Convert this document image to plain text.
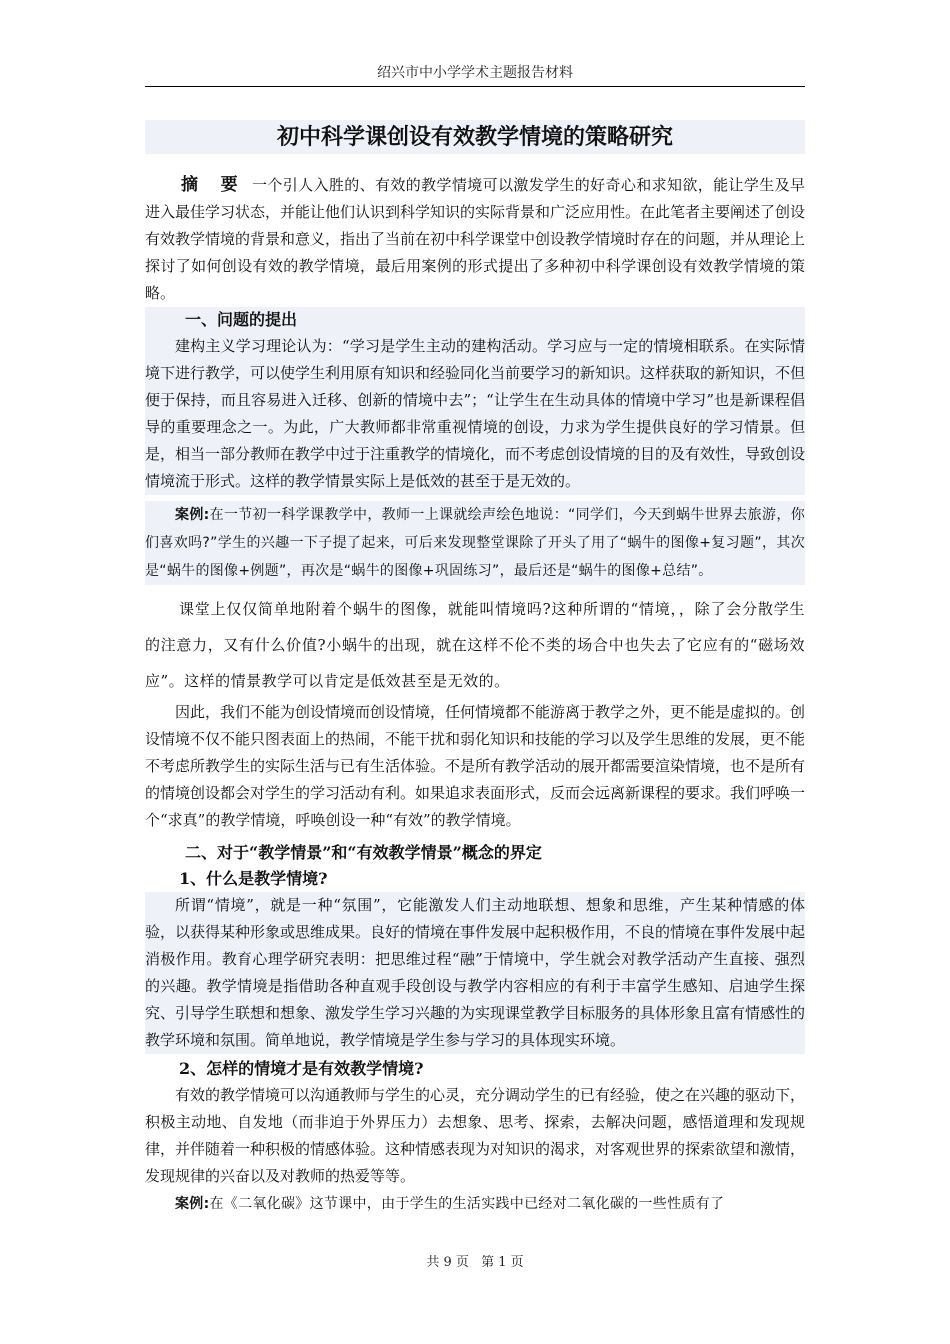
绍兴市中小学学术主题报告材料
初中科学课创设有效教学情境的策略研究

摘 要 一个引人入胜的、有效的教学情境可以激发学生的好奇心和求知欲，能让学生及早进入最佳学习状态，并能让他们认识到科学知识的实际背景和广泛应用性。在此笔者主要阐述了创设有效教学情境的背景和意义，指出了当前在初中科学课堂中创设教学情境时存在的问题，并从理论上探讨了如何创设有效的教学情境，最后用案例的形式提出了多种初中科学课创设有效教学情境的策略。

一、问题的提出

建构主义学习理论认为：“学习是学生主动的建构活动。学习应与一定的情境相联系。在实际情境下进行教学，可以使学生利用原有知识和经验同化当前要学习的新知识。这样获取的新知识，不但便于保持，而且容易进入迁移、创新的情境中去”；“让学生在生动具体的情境中学习”也是新课程倡导的重要理念之一。为此，广大教师都非常重视情境的创设，力求为学生提供良好的学习情景。但是，相当一部分教师在教学中过于注重教学的情境化，而不考虑创设情境的目的及有效性，导致创设情境流于形式。这样的教学情景实际上是低效的甚至于是无效的。

案例:在一节初一科学课教学中，教师一上课就绘声绘色地说：“同学们，今天到蜗牛世界去旅游，你们喜欢吗?”学生的兴趣一下子提了起来，可后来发现整堂课除了开头了用了“蜗牛的图像+复习题”，其次是“蜗牛的图像+例题”，再次是“蜗牛的图像+巩固练习”，最后还是“蜗牛的图像+总结”。

课堂上仅仅简单地附着个蜗牛的图像，就能叫情境吗?这种所谓的“情境，，除了会分散学生的注意力，又有什么价值?小蜗牛的出现，就在这样不伦不类的场合中也失去了它应有的“磁场效应”。这样的情景教学可以肯定是低效甚至是无效的。

因此，我们不能为创设情境而创设情境，任何情境都不能游离于教学之外，更不能是虚拟的。创设情境不仅不能只图表面上的热闹，不能干扰和弱化知识和技能的学习以及学生思维的发展，更不能不考虑所教学生的实际生活与已有生活体验。不是所有教学活动的展开都需要渲染情境，也不是所有的情境创设都会对学生的学习活动有利。如果追求表面形式，反而会远离新课程的要求。我们呼唤一个“求真”的教学情境，呼唤创设一种“有效”的教学情境。

二、对于“教学情景”和“有效教学情景”概念的界定
1、什么是教学情境?

所谓“情境”，就是一种“氛围”，它能激发人们主动地联想、想象和思维，产生某种情感的体验，以获得某种形象或思维成果。良好的情境在事件发展中起积极作用，不良的情境在事件发展中起消极作用。教育心理学研究表明：把思维过程“融”于情境中，学生就会对教学活动产生直接、强烈的兴趣。教学情境是指借助各种直观手段创设与教学内容相应的有利于丰富学生感知、启迪学生探究、引导学生联想和想象、激发学生学习兴趣的为实现课堂教学目标服务的具体形象且富有情感性的教学环境和氛围。简单地说，教学情境是学生参与学习的具体现实环境。

2、怎样的情境才是有效教学情境?

有效的教学情境可以沟通教师与学生的心灵，充分调动学生的已有经验，使之在兴趣的驱动下，积极主动地、自发地（而非迫于外界压力）去想象、思考、探索，去解决问题，感悟道理和发现规律，并伴随着一种积极的情感体验。这种情感表现为对知识的渴求，对客观世界的探索欲望和激情，发现规律的兴奋以及对教师的热爱等等。

案例:在《二氧化碳》这节课中，由于学生的生活实践中已经对二氧化碳的一些性质有了

共 9 页 第 1 页
